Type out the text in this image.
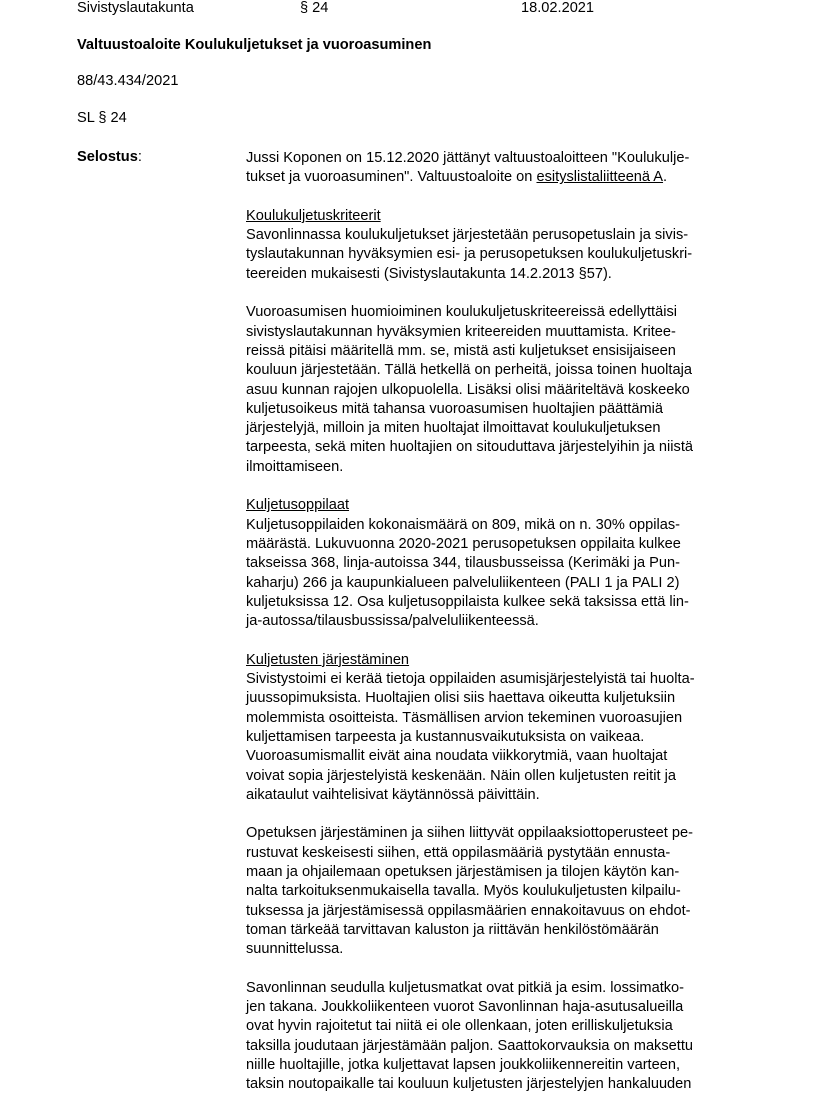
Sivistyslautakunta	§ 24	18.02.2021
Valtuustoaloite Koulukuljetukset ja vuoroasuminen
88/43.434/2021
SL § 24
Selostus:	Jussi Koponen on 15.12.2020 jättänyt valtuustoaloitteen "Koulukulje-
tukset ja vuoroasuminen". Valtuustoaloite on esityslistaliitteenä A.
Koulukuljetuskriteerit
Savonlinnassa koulukuljetukset järjestetään perusopetuslain ja sivis-
tyslautakunnan hyväksymien esi- ja perusopetuksen koulukuljetuskri-
teereiden mukaisesti (Sivistyslautakunta 14.2.2013 §57).
Vuoroasumisen huomioiminen koulukuljetuskriteereissä edellyttäisi
sivistyslautakunnan hyväksymien kriteereiden muuttamista. Kritee-
reissä pitäisi määritellä mm. se, mistä asti kuljetukset ensisijaiseen
kouluun järjestetään. Tällä hetkellä on perheitä, joissa toinen huoltaja
asuu kunnan rajojen ulkopuolella. Lisäksi olisi määriteltävä koskeeko
kuljetusoikeus mitä tahansa vuoroasumisen huoltajien päättämiä
järjestelyjä, milloin ja miten huoltajat ilmoittavat koulukuljetuksen
tarpeesta, sekä miten huoltajien on sitouduttava järjestelyihin ja niistä
ilmoittamiseen.
Kuljetusoppilaat
Kuljetusoppilaiden kokonaismäärä on 809, mikä on n. 30% oppilas-
määrästä. Lukuvuonna 2020-2021 perusopetuksen oppilaita kulkee
takseissa 368, linja-autoissa 344, tilausbusseissa (Kerimäki ja Pun-
kaharju) 266 ja kaupunkialueen palveluliikenteen (PALI 1 ja PALI 2)
kuljetuksissa 12. Osa kuljetusoppilaista kulkee sekä taksissa että lin-
ja-autossa/tilausbussissa/palveluliikenteessä.
Kuljetusten järjestäminen
Sivistystoimi ei kerää tietoja oppilaiden asumisjärjestelyistä tai huolta-
juussopimuksista. Huoltajien olisi siis haettava oikeutta kuljetuksiin
molemmista osoitteista. Täsmällisen arvion tekeminen vuoroasujien
kuljettamisen tarpeesta ja kustannusvaikutuksista on vaikeaa.
Vuoroasumismallit eivät aina noudata viikkorytmiä, vaan huoltajat
voivat sopia järjestelyistä keskenään. Näin ollen kuljetusten reitit ja
aikataulut vaihtelisivat käytännössä päivittäin.
Opetuksen järjestäminen ja siihen liittyvät oppilaaksiottoperusteet pe-
rustuvat keskeisesti siihen, että oppilasmääriä pystytään ennusta-
maan ja ohjailemaan opetuksen järjestämisen ja tilojen käytön kan-
nalta tarkoituksenmukaisella tavalla. Myös koulukuljetusten kilpailu-
tuksessa ja järjestämisessä oppilasmäärien ennakoitavuus on ehdot-
toman tärkeää tarvittavan kaluston ja riittävän henkilöstömäärän
suunnittelussa.
Savonlinnan seudulla kuljetusmatkat ovat pitkiä ja esim. lossimatko-
jen takana. Joukkoliikenteen vuorot Savonlinnan haja-asutusalueilla
ovat hyvin rajoitetut tai niitä ei ole ollenkaan, joten erilliskuljetuksia
taksilla joudutaan järjestämään paljon. Saattokorvauksia on maksettu
niille huoltajille, jotka kuljettavat lapsen joukkoliikennereitin varteen,
taksin noutopaikalle tai kouluun kuljetusten järjestelyjen hankaluuden
